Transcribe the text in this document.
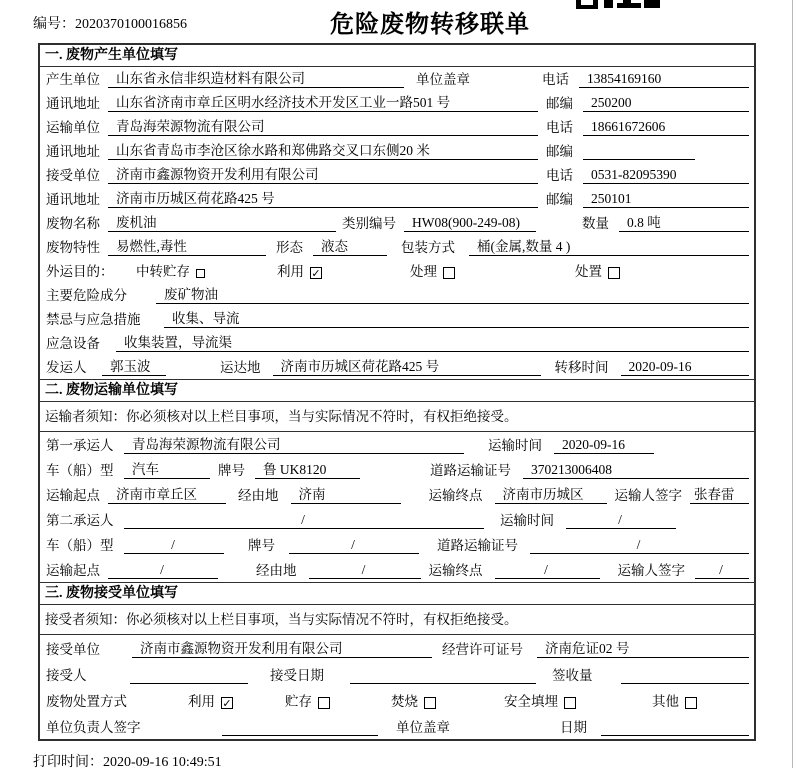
编号：2020370100016856	危险废物转移联单
一. 废物产生单位填写
产生单位	山东省永信非织造材料有限公司	单位盖章	电话	13854169160
通讯地址	山东省济南市章丘区明水经济技术开发区工业一路501 号	邮编	250200
运输单位	青岛海荣源物流有限公司	电话	18661672606
通讯地址	山东省青岛市李沧区徐水路和郑佛路交叉口东侧20 米	邮编
接受单位	济南市鑫源物资开发利用有限公司	电话	0531-82095390
通讯地址	济南市历城区荷花路425 号	邮编	250101
废物名称	废机油	类别编号	HW08(900-249-08)	数量	0.8 吨
废物特性	易燃性,毒性	形态	液态	包装方式	桶(金属,数量 4 )
外运目的：	中转贮存	利用 ✓	处理	处置
主要危险成分	废矿物油
禁忌与应急措施	收集、导流
应急设备	收集装置，导流渠
发运人	郭玉波	运达地	济南市历城区荷花路425 号	转移时间	2020-09-16
二. 废物运输单位填写
运输者须知：你必须核对以上栏目事项，当与实际情况不符时，有权拒绝接受。
第一承运人	青岛海荣源物流有限公司	运输时间	2020-09-16
车（船）型	汽车	牌号	鲁 UK8120	道路运输证号	370213006408
运输起点	济南市章丘区	经由地	济南	运输终点	济南市历城区	运输人签字 张春雷
第二承运人	/	运输时间	/
车（船）型	/	牌号	/	道路运输证号	/
运输起点	/	经由地	/	运输终点	/	运输人签字	/
三. 废物接受单位填写
接受者须知：你必须核对以上栏目事项，当与实际情况不符时，有权拒绝接受。
接受单位	济南市鑫源物资开发利用有限公司	经营许可证号	济南危证02 号
接受人	接受日期	签收量
废物处置方式	利用 ✓	贮存	焚烧	安全填埋	其他
单位负责人签字	单位盖章	日期
打印时间：2020-09-16 10:49:51
